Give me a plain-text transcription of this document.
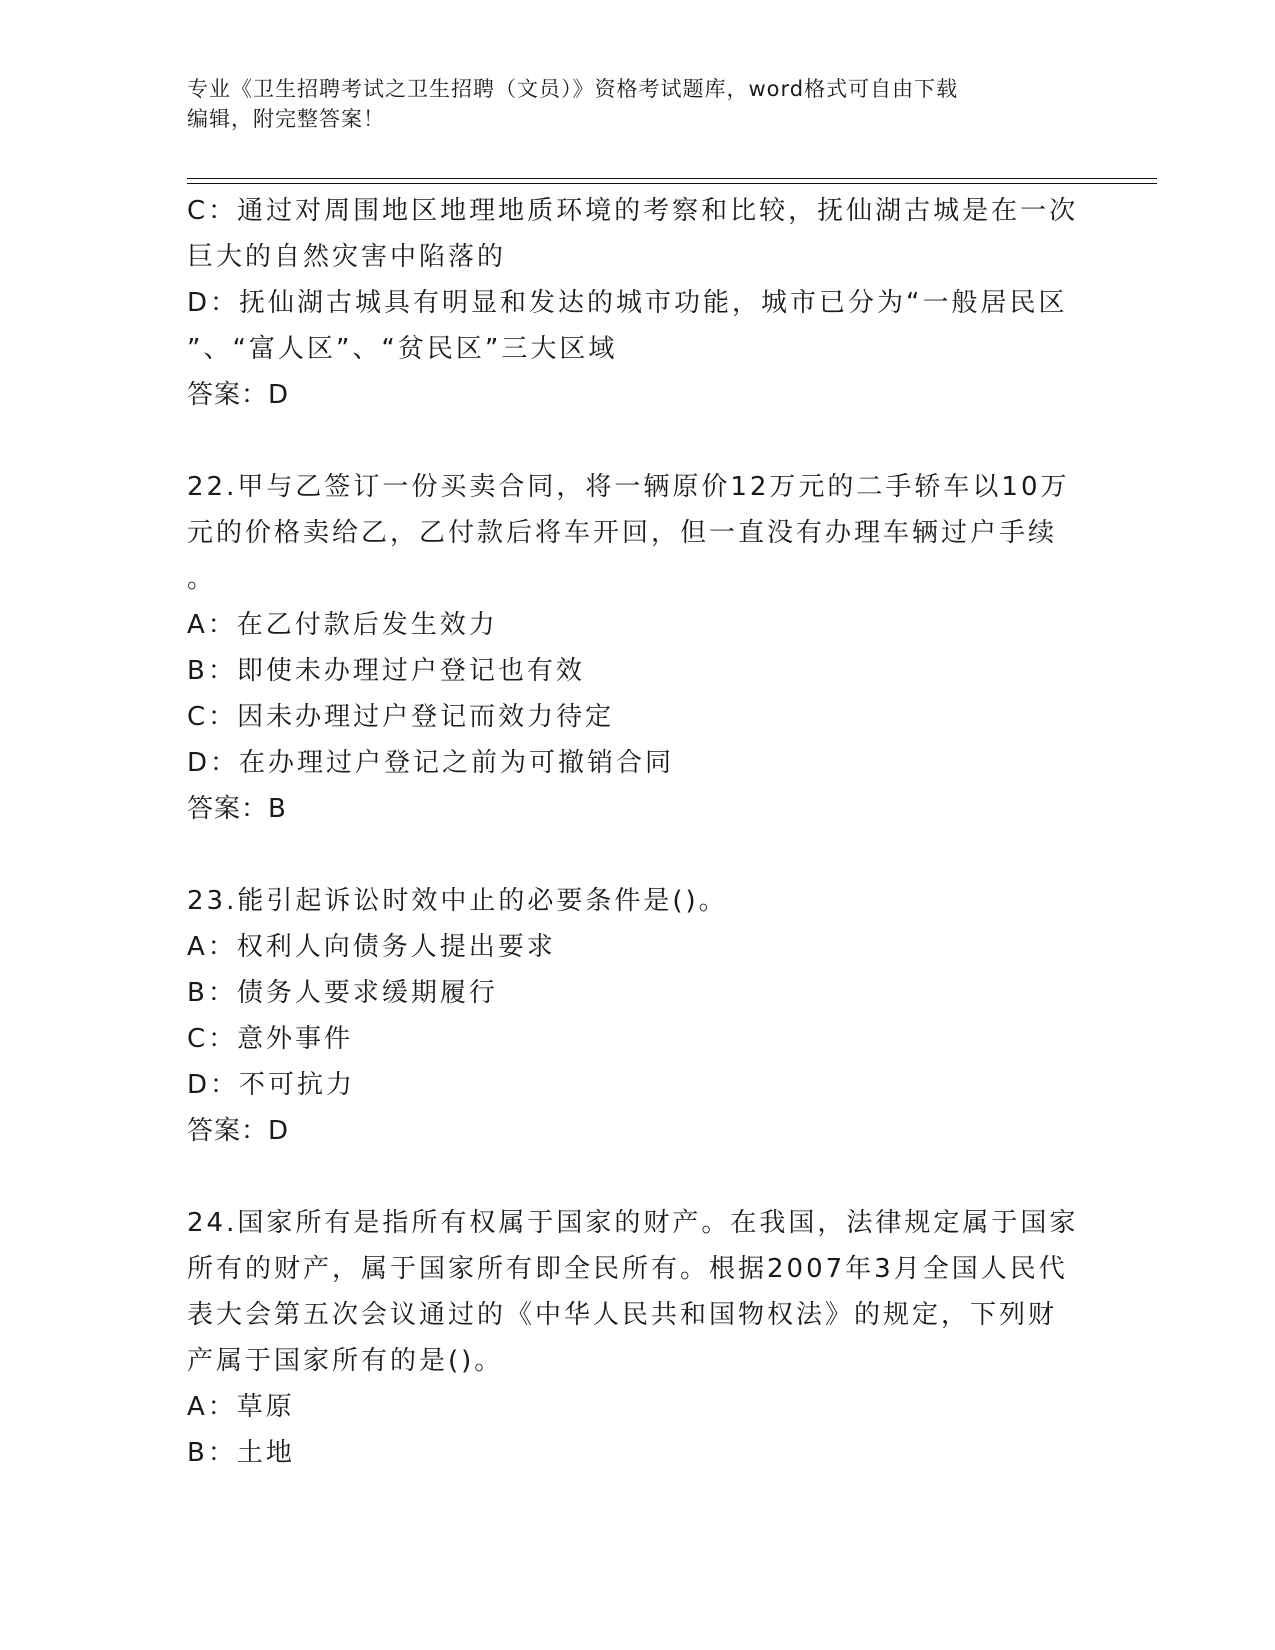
专业《卫生招聘考试之卫生招聘（文员）》资格考试题库，word格式可自由下载
编辑，附完整答案！
C：通过对周围地区地理地质环境的考察和比较，抚仙湖古城是在一次
巨大的自然灾害中陷落的
D：抚仙湖古城具有明显和发达的城市功能，城市已分为“一般居民区
”、“富人区”、“贫民区”三大区域
答案：D
22.甲与乙签订一份买卖合同，将一辆原价12万元的二手轿车以10万
元的价格卖给乙，乙付款后将车开回，但一直没有办理车辆过户手续
。
A：在乙付款后发生效力
B：即使未办理过户登记也有效
C：因未办理过户登记而效力待定
D：在办理过户登记之前为可撤销合同
答案：B
23.能引起诉讼时效中止的必要条件是()。
A：权利人向债务人提出要求
B：债务人要求缓期履行
C：意外事件
D：不可抗力
答案：D
24.国家所有是指所有权属于国家的财产。在我国，法律规定属于国家
所有的财产，属于国家所有即全民所有。根据2007年3月全国人民代
表大会第五次会议通过的《中华人民共和国物权法》的规定，下列财
产属于国家所有的是()。
A：草原
B：土地
